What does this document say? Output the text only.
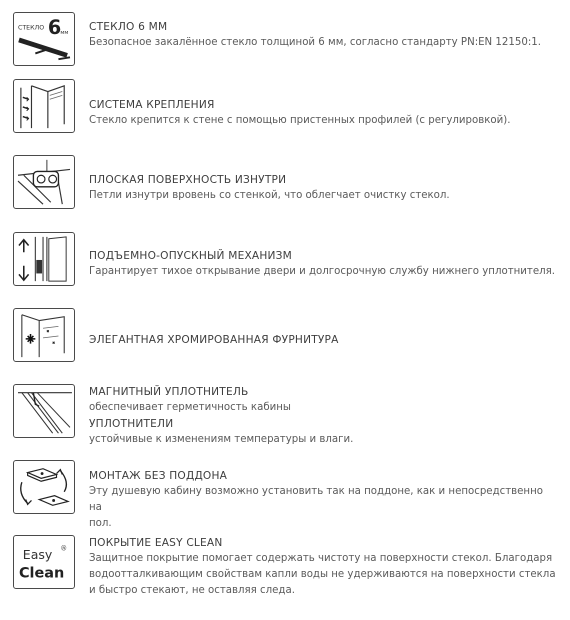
СТЕКЛО 6 мм
СТЕКЛО 6 ММ
Безопасное закалённое стекло толщиной 6 мм, согласно стандарту PN:EN 12150:1.
СИСТЕМА КРЕПЛЕНИЯ
Стекло крепится к стене с помощью пристенных профилей (с регулировкой).
ПЛОСКАЯ ПОВЕРХНОСТЬ ИЗНУТРИ
Петли изнутри вровень со стенкой, что облегчает очистку стекол.
ПОДЪЕМНО-ОПУСКНЫЙ МЕХАНИЗМ
Гарантирует тихое открывание двери и долгосрочную службу нижнего уплотнителя.
ЭЛЕГАНТНАЯ ХРОМИРОВАННАЯ ФУРНИТУРА
МАГНИТНЫЙ УПЛОТНИТЕЛЬ
обеспечивает герметичность кабины
УПЛОТНИТЕЛИ
устойчивые к изменениям температуры и влаги.
МОНТАЖ БЕЗ ПОДДОНА
Эту душевую кабину возможно установить так на поддоне, как и непосредственно на
пол.
Easy ®
Clean
ПОКРЫТИЕ EASY CLEAN
Защитное покрытие помогает содержать чистоту на поверхности стекол. Благодаря
водоотталкивающим свойствам капли воды не удерживаются на поверхности стекла
и быстро стекают, не оставляя следа.
